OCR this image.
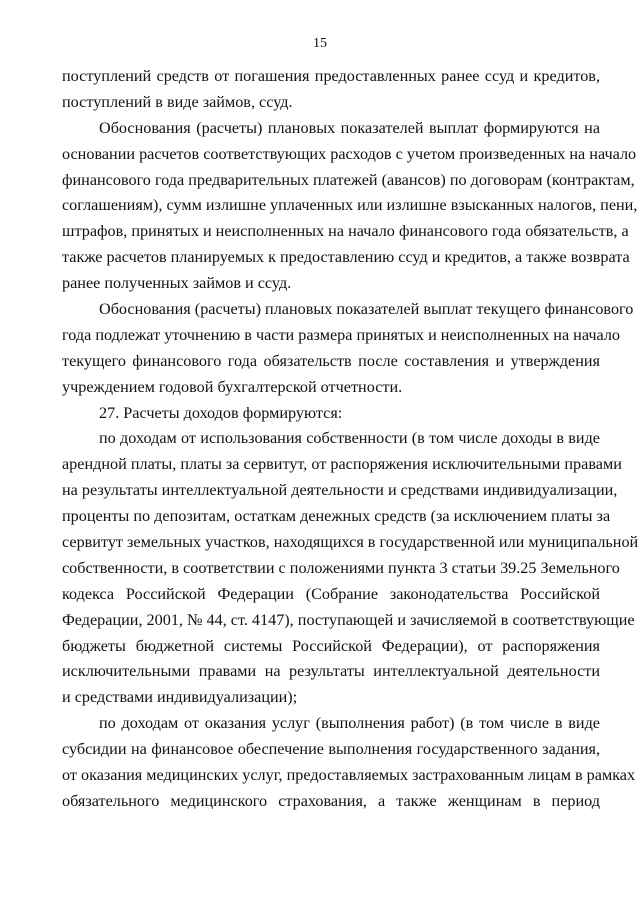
15
поступлений средств от погашения предоставленных ранее ссуд и кредитов,
поступлений в виде займов, ссуд.
Обоснования (расчеты) плановых показателей выплат формируются на
основании расчетов соответствующих расходов с учетом произведенных на начало
финансового года предварительных платежей (авансов) по договорам (контрактам,
соглашениям), сумм излишне уплаченных или излишне взысканных налогов, пени,
штрафов, принятых и неисполненных на начало финансового года обязательств, а
также расчетов планируемых к предоставлению ссуд и кредитов, а также возврата
ранее полученных займов и ссуд.
Обоснования (расчеты) плановых показателей выплат текущего финансового
года подлежат уточнению в части размера принятых и неисполненных на начало
текущего финансового года обязательств после составления и утверждения
учреждением годовой бухгалтерской отчетности.
27. Расчеты доходов формируются:
по доходам от использования собственности (в том числе доходы в виде
арендной платы, платы за сервитут, от распоряжения исключительными правами
на результаты интеллектуальной деятельности и средствами индивидуализации,
проценты по депозитам, остаткам денежных средств (за исключением платы за
сервитут земельных участков, находящихся в государственной или муниципальной
собственности, в соответствии с положениями пункта 3 статьи 39.25 Земельного
кодекса Российской Федерации (Собрание законодательства Российской
Федерации, 2001, № 44, ст. 4147), поступающей и зачисляемой в соответствующие
бюджеты бюджетной системы Российской Федерации), от распоряжения
исключительными правами на результаты интеллектуальной деятельности
и средствами индивидуализации);
по доходам от оказания услуг (выполнения работ) (в том числе в виде
субсидии на финансовое обеспечение выполнения государственного задания,
от оказания медицинских услуг, предоставляемых застрахованным лицам в рамках
обязательного медицинского страхования, а также женщинам в период
